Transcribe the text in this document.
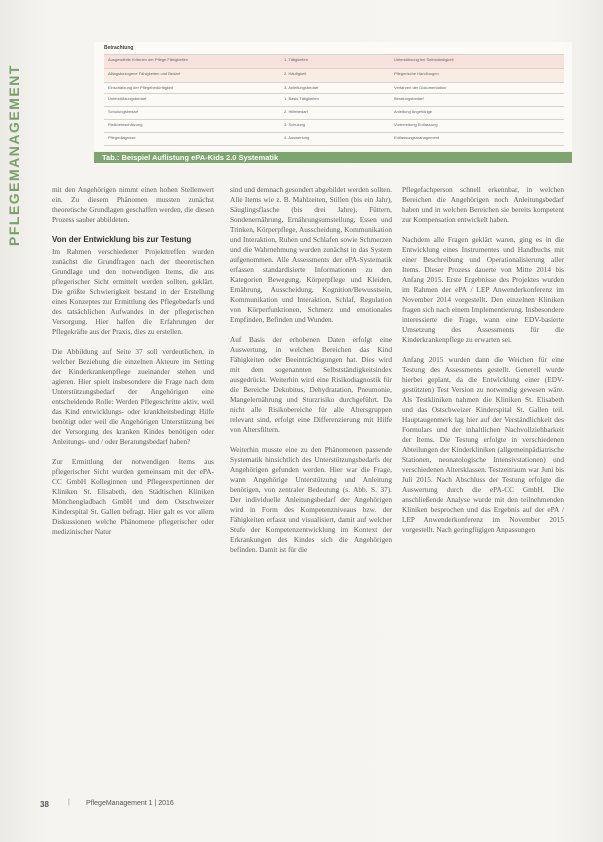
PFLEGEMANAGEMENT
Betrachtung
Ausgewählte Kriterien der Pflege Fähigkeiten	1. Tätigkeiten	Unterstützung bei Selbständigkeit
Alltagsbezogene Fähigkeiten und Bedarf	2. Häufigkeit	Pflegerische Handlungen
Einschätzung der Pflegebedürftigkeit	3. Anleitungsbedarf	Verfahren der Dokumentation
Unterstützungsbedarf	1. Basis Tätigkeiten	Beratungsbedarf
Schulungsbedarf	2. Hilfebedarf	Anleitung Angehörige
Risikoeinschätzung	3. Schulung	Vorbereitung Entlassung
Pflegediagnose	4. Auswertung	Entlassungsmanagement
Tab.: Beispiel Auflistung ePA-Kids 2.0 Systematik

mit den Angehörigen nimmt einen hohen Stellenwert ein. Zu diesem Phänomen mussten zunächst theoretische Grundlagen geschaffen werden, die diesen Prozess sauber abbildeten.

Von der Entwicklung bis zur Testung

Im Rahmen verschiedener Projekttreffen wurden zunächst die Grundfragen nach der theoretischen Grundlage und den notwendigen Items, die aus pflegerischer Sicht ermittelt werden sollten, geklärt. Die größte Schwierigkeit bestand in der Erstellung eines Konzeptes zur Ermittlung des Pflegebedarfs und des tatsächlichen Aufwandes in der pflegerischen Versorgung. Hier halfen die Erfahrungen der Pflegekräfte aus der Praxis, dies zu erstellen.

Die Abbildung auf Seite 37 soll verdeutlichen, in welcher Beziehung die einzelnen Akteure im Setting der Kinderkrankenpflege zueinander stehen und agieren. Hier spielt insbesondere die Frage nach dem Unterstützungsbedarf der Angehörigen eine entscheidende Rolle: Werden Pflegeschritte aktiv, weil das Kind entwicklungs- oder krankheitsbedingt Hilfe benötigt oder weil die Angehörigen Unterstützung bei der Versorgung des kranken Kindes benötigen oder Anleitungs- und / oder Beratungsbedarf haben?

Zur Ermittlung der notwendigen Items aus pflegerischer Sicht wurden gemeinsam mit der ePA-CC GmbH Kolleginnen und Pflegeexpertinnen der Kliniken St. Elisabeth, den Städtischen Kliniken Mönchengladbach GmbH und dem Ostschweizer Kinderspital St. Gallen befragt. Hier galt es vor allem Diskussionen welche Phänomene pflegerischer oder medizinischer Natur

sind und demnach gesondert abgebildet werden sollten. Alle Items wie z. B. Mahlzeiten, Stillen (bis ein Jahr), Säuglingsflasche (bis drei Jahre), Füttern, Sondenernährung, Ernährungsumstellung, Essen und Trinken, Körperpflege, Ausscheidung, Kommunikation und Interaktion, Ruhen und Schlafen sowie Schmerzen und die Wahrnehmung wurden zunächst in das System aufgenommen. Alle Assessments der ePA-Systematik erfassen standardisierte Informationen zu den Kategorien Bewegung, Körperpflege und Kleiden, Ernährung, Ausscheidung, Kognition/Bewusstsein, Kommunikation und Interaktion, Schlaf, Regulation von Körperfunktionen, Schmerz und emotionales Empfinden, Befinden und Wunden.

Auf Basis der erhobenen Daten erfolgt eine Auswertung, in welchen Bereichen das Kind Fähigkeiten oder Beeinträchtigungen hat. Dies wird mit dem sogenannten Selbstständigkeitsindex ausgedrückt. Weiterhin wird eine Risikodiagnostik für die Bereiche Dekubitus, Dehydratation, Pneumonie, Mangelernährung und Sturzrisiko durchgeführt. Da nicht alle Risikobereiche für alle Altersgruppen relevant sind, erfolgt eine Differenzierung mit Hilfe von Altersfiltern.

Weiterhin musste eine zu den Phänomenen passende Systematik hinsichtlich des Unterstützungsbedarfs der Angehörigen gefunden werden. Hier war die Frage, wann Angehörige Unterstützung und Anleitung benötigen, von zentraler Bedeutung (s. Abb. S. 37). Der individuelle Anleitungsbedarf der Angehörigen wird in Form des Kompetenzniveaus bzw. der Fähigkeiten erfasst und visualisiert, damit auf welcher Stufe der Kompetenzentwicklung im Kontext der Erkrankungen des Kindes sich die Angehörigen befinden. Damit ist für die

Pflegefachperson schnell erkennbar, in welchen Bereichen die Angehörigen noch Anleitungsbedarf haben und in welchen Bereichen sie bereits kompetent zur Kompensation entwickelt haben.

Nachdem alle Fragen geklärt waren, ging es in die Entwicklung eines Instrumentes und Handbuchs mit einer Beschreibung und Operationalisierung aller Items. Dieser Prozess dauerte von Mitte 2014 bis Anfang 2015. Erste Ergebnisse des Projektes wurden im Rahmen der ePA / LEP Anwenderkonferenz im November 2014 vorgestellt. Den einzelnen Kliniken fragen sich nach einem Implementierung. Insbesondere interessierte die Frage, wann eine EDV-basierte Umsetzung des Assessments für die Kinderkrankenpflege zu erwarten sei.

Anfang 2015 wurden dann die Weichen für eine Testung des Assessments gestellt. Generell wurde hierbei geplant, da die Entwicklung einer (EDV-gestützten) Test Version zu notwendig gewesen wäre. Als Testkliniken nahmen die Kliniken St. Elisabeth und das Ostschweizer Kinderspital St. Gallen teil. Hauptaugenmerk lag hier auf der Verständlichkeit des Formulars und der inhaltlichen Nachvollziehbarkeit der Items. Die Testung erfolgte in verschiedenen Abteilungen der Kinderkliniken (allgemeinpädiatrische Stationen, neonatologische Intensivstationen) und verschiedenen Altersklassen. Testzeitraum war Juni bis Juli 2015. Nach Abschluss der Testung erfolgte die Auswertung durch die ePA-CC GmbH. Die anschließende Analyse wurde mit den teilnehmenden Kliniken besprochen und das Ergebnis auf der ePA / LEP Anwenderkonferenz im November 2015 vorgestellt. Nach geringfügigen Anpassungen

38	| PflegeManagement 1 | 2016
